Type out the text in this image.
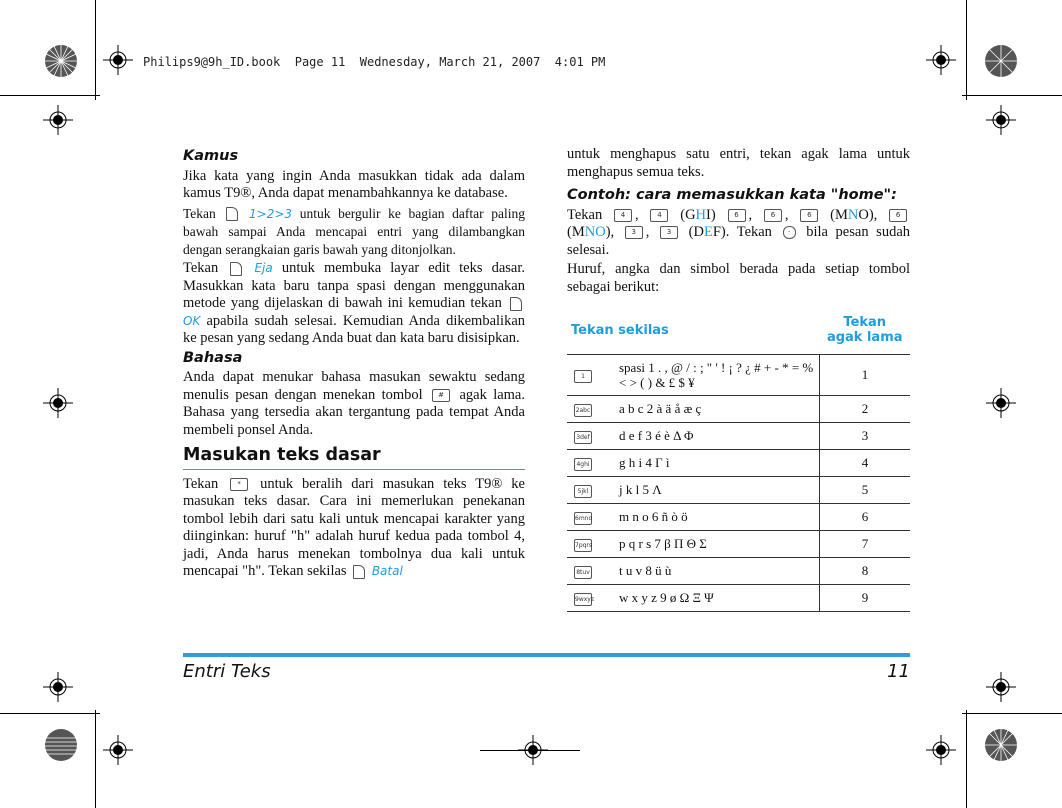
Philips9@9h_ID.book  Page 11  Wednesday, March 21, 2007  4:01 PM
Kamus

Jika kata yang ingin Anda masukkan tidak ada dalam kamus T9®, Anda dapat menambahkannya ke database.

Tekan	1>2>3 untuk bergulir ke bagian daftar paling bawah sampai Anda mencapai entri yang dilambangkan dengan serangkaian garis bawah yang ditonjolkan.

Tekan	Eja untuk membuka layar edit teks dasar. Masukkan kata baru tanpa spasi dengan menggunakan metode yang dijelaskan di bawah ini kemudian tekan  OK apabila sudah selesai. Kemudian Anda dikembalikan ke pesan yang sedang Anda buat dan kata baru disisipkan.

Bahasa

Anda dapat menukar bahasa masukan sewaktu sedang menulis pesan dengan menekan tombol # agak lama. Bahasa yang tersedia akan tergantung pada tempat Anda membeli ponsel Anda.

Masukan teks dasar

Tekan	* untuk beralih dari masukan teks T9® ke masukan teks dasar. Cara ini memerlukan penekanan tombol lebih dari satu kali untuk mencapai karakter yang diinginkan: huruf "h" adalah huruf kedua pada tombol 4, jadi, Anda harus menekan tombolnya dua kali untuk mencapai "h". Tekan sekilas Batal

untuk menghapus satu entri, tekan agak lama untuk menghapus semua teks.

Contoh: cara memasukkan kata "home":

Tekan	4 , 4 (GHI)	6 , 6 , 6 (MNO),	6 (MNO), 3 , 3 (DEF). Tekan · bila pesan sudah selesai.

Huruf, angka dan simbol berada pada setiap tombol sebagai berikut:

Tekan sekilas		Tekan agak lama
1	spasi 1 . , @ / : ; " ' ! ¡ ? ¿ # + - * = % < > ( ) & £ $ ¥	1
2abc	a b c 2 à ä å æ ç	2
3def	d e f 3 é è Δ Φ	3
4ghi	g h i 4 Γ ì	4
5jkl	j k l 5 Λ	5
6mno	m n o 6 ñ ò ö	6
7pqrs	p q r s 7 β Π Θ Σ	7
8tuv	t u v 8 ü ù	8
9wxyz	w x y z 9 ø Ω Ξ Ψ	9
Entri Teks	11
